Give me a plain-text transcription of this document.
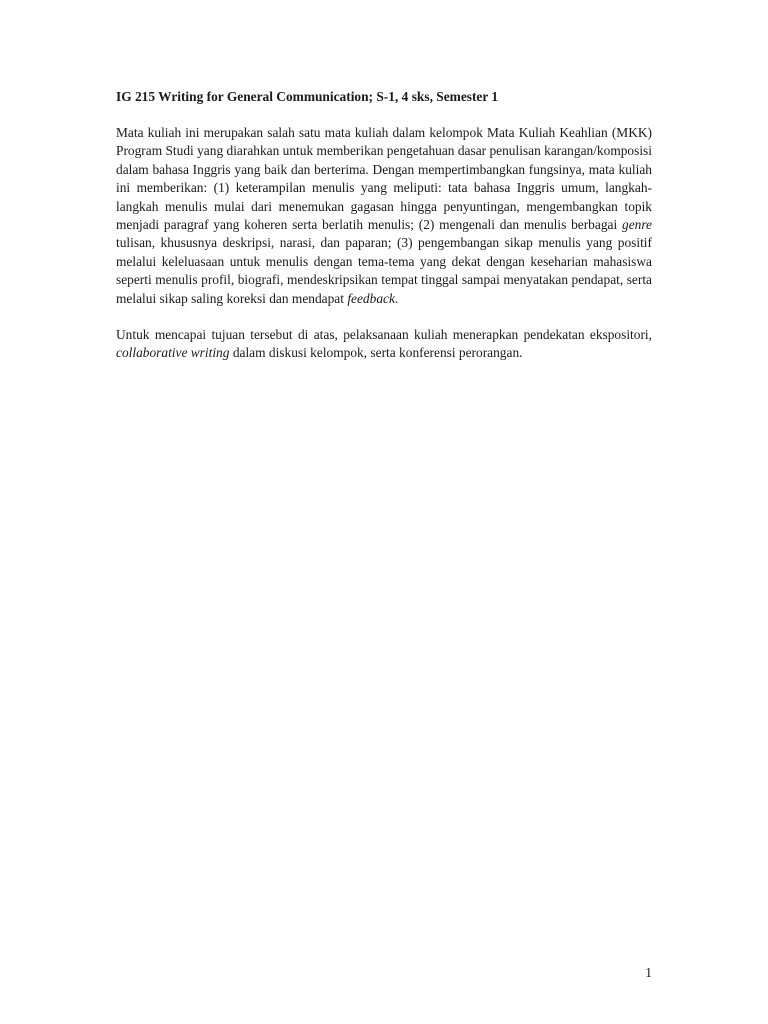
IG 215 Writing for General Communication; S-1, 4 sks, Semester 1

Mata kuliah ini merupakan salah satu mata kuliah dalam kelompok Mata Kuliah Keahlian (MKK) Program Studi yang diarahkan untuk memberikan pengetahuan dasar penulisan karangan/komposisi dalam bahasa Inggris yang baik dan berterima. Dengan mempertimbangkan fungsinya, mata kuliah ini memberikan: (1) keterampilan menulis yang meliputi: tata bahasa Inggris umum, langkah-langkah menulis mulai dari menemukan gagasan hingga penyuntingan, mengembangkan topik menjadi paragraf yang koheren serta berlatih menulis; (2) mengenali dan menulis berbagai genre tulisan, khususnya deskripsi, narasi, dan paparan; (3) pengembangan sikap menulis yang positif melalui keleluasaan untuk menulis dengan tema-tema yang dekat dengan keseharian mahasiswa seperti menulis profil, biografi, mendeskripsikan tempat tinggal sampai menyatakan pendapat, serta melalui sikap saling koreksi dan mendapat feedback.

Untuk mencapai tujuan tersebut di atas, pelaksanaan kuliah menerapkan pendekatan ekspositori, collaborative writing dalam diskusi kelompok, serta konferensi perorangan.

1
